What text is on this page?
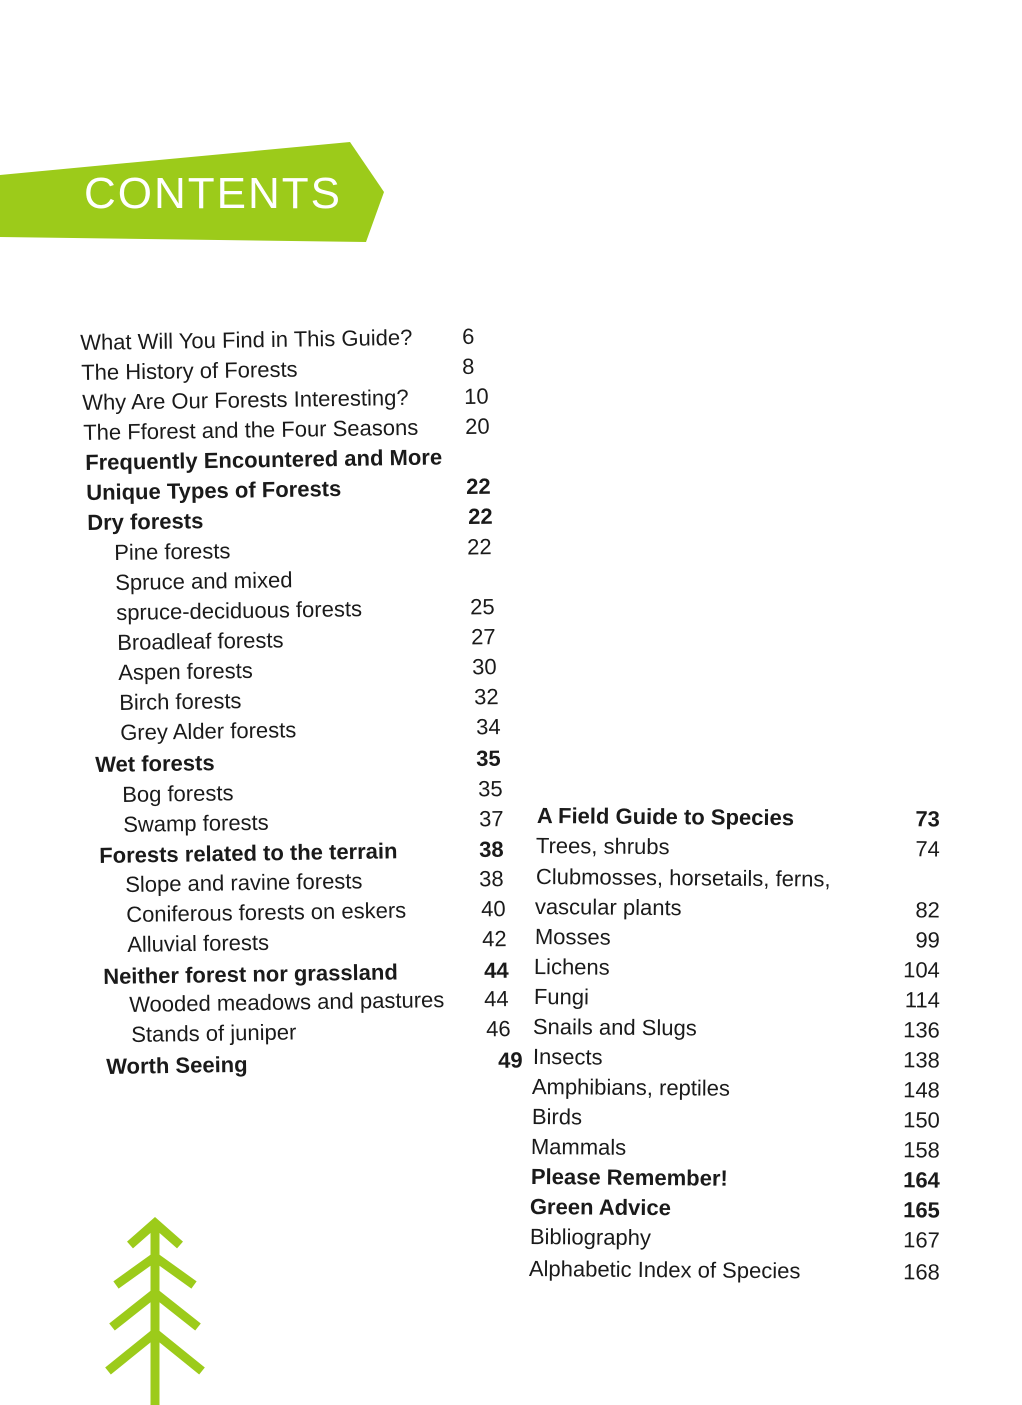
CONTENTS
What Will You Find in This Guide? 6
The History of Forests	8
Why Are Our Forests Interesting?	10
The Fforest and the Four Seasons 20
Frequently Encountered and More
Unique Types of Forests	22
Dry forests	22
Pine forests	22
Spruce and mixed
spruce-deciduous forests	25
Broadleaf forests	27
Aspen forests	30
Birch forests	32
Grey Alder forests	34
Wet forests	35
Bog forests	35
Swamp forests	37
Forests related to the terrain	38
Slope and ravine forests	38
Coniferous forests on eskers	40
Alluvial forests	42
Neither forest nor grassland	44
Wooded meadows and pastures 44
Stands of juniper	46
Worth Seeing	49
A Field Guide to Species	73
Trees, shrubs	74
Clubmosses, horsetails, ferns,
vascular plants	82
Mosses	99
Lichens	104
Fungi	114
Snails and Slugs	136
Insects	138
Amphibians, reptiles	148
Birds	150
Mammals	158
Please Remember!	164
Green Advice	165
Bibliography	167
Alphabetic Index of Species	168
